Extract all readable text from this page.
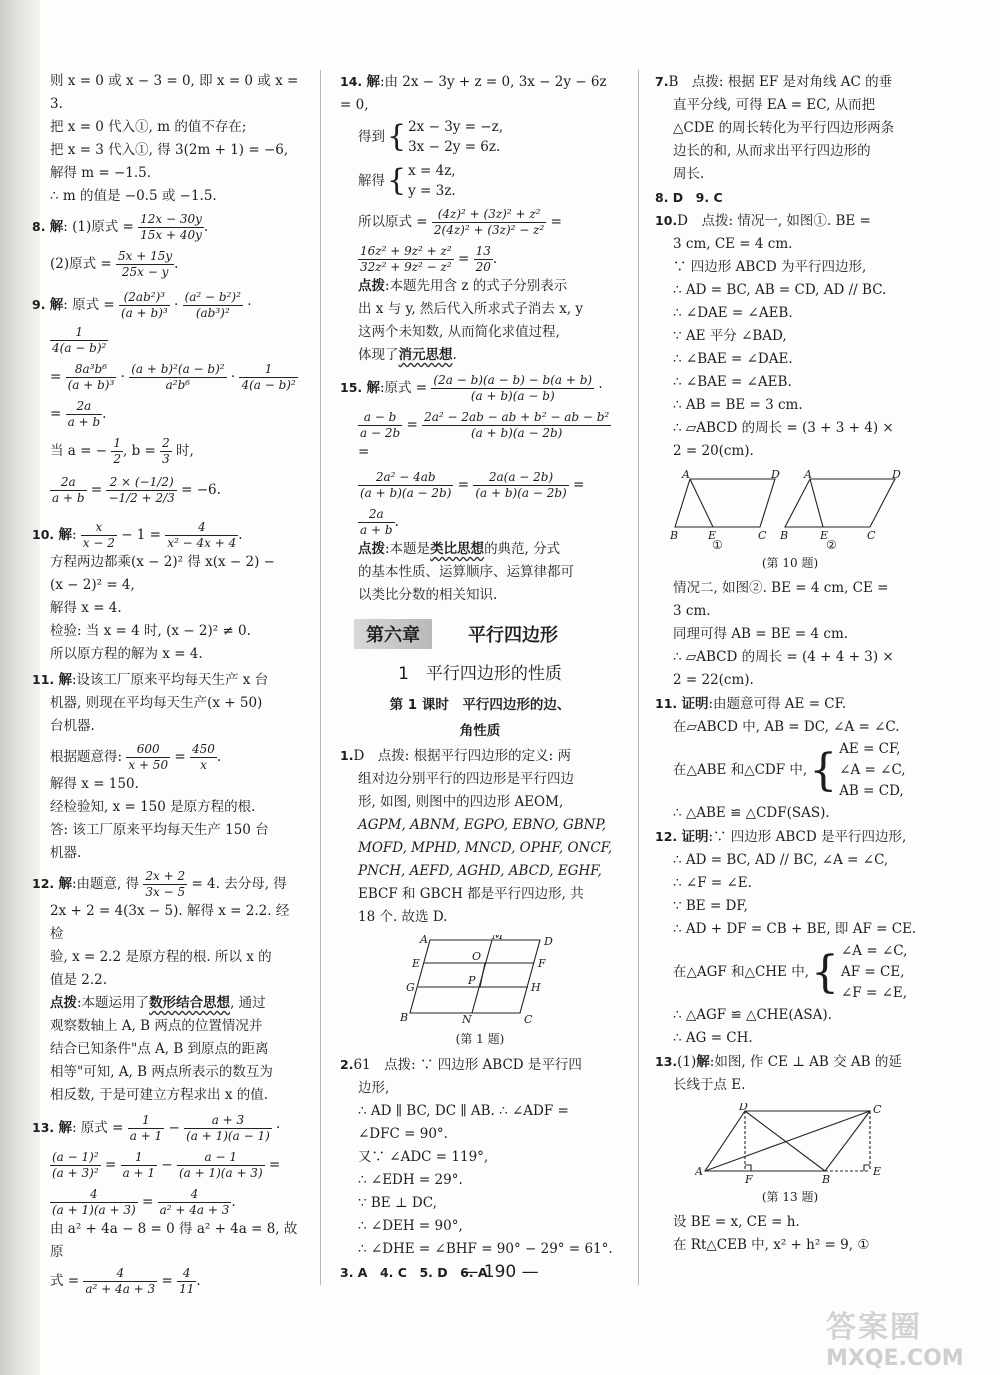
则 x = 0 或 x − 3 = 0, 即 x = 0 或 x = 3.
把 x = 0 代入①, m 的值不存在;
把 x = 3 代入①, 得 3(2m + 1) = −6,
解得 m = −1.5.
∴ m 的值是 −0.5 或 −1.5.
8. 解: (1)原式 = $\frac{12x - 30y}{15x + 40y}$ .
(2)原式 = $\frac{5x + 15y}{25x - y}$ .
9. 解: 原式 = $\frac{\text{(2ab²)³}}{\text{(a + b)³}} \cdot \frac{\text{(a² − b²)²}}{\text{(ab³)²}}$ ·
$\frac{1}{\text{4(a − b)²}}$
= $\frac{\text{8a³b⁶}}{\text{(a + b)³}} \cdot \frac{\text{(a + b)²(a − b)²}}{\text{a²b⁶}} \cdot \frac{1}{\text{4(a − b)²}}$
= $\frac{2a}{a + b}$ .
当 a = − $\frac{1}{2}$ , $b = \frac{2}{3}$ 时,
$\frac{2a}{a + b} = \frac{2 \times (-1/2)}{-1/2 + 2/3} = -6$.
10. 解: $\frac{x}{x - 2} - 1 = \frac{4}{\text{x² − 4x + 4}}$ .
方程两边都乘(x − 2)² 得 x(x − 2) −
(x − 2)² = 4,
解得 x = 4.
检验: 当 x = 4 时, (x − 2)² ≠ 0.
所以原方程的解为 x = 4.
11. 解:设该工厂原来平均每天生产 x 台
机器, 则现在平均每天生产(x + 50)
台机器.
根据题意得: $\frac{600}{x + 50} = \frac{450}{x}$ .
解得 x = 150.
经检验知, x = 150 是原方程的根.
答: 该工厂原来平均每天生产 150 台
机器.
12. 解:由题意, 得 $\frac{2x + 2}{3x - 5} = 4$. 去分母, 得
2x + 2 = 4(3x − 5). 解得 x = 2.2. 经检
验, x = 2.2 是原方程的根. 所以 x 的
值是 2.2.
点拨:本题运用了数形结合思想, 通过
观察数轴上 A, B 两点的位置情况并
结合已知条件"点 A, B 到原点的距离
相等"可知, A, B 两点所表示的数互为
相反数, 于是可建立方程求出 x 的值.
13. 解: 原式 = $\frac{1}{a + 1} - \frac{a + 3}{(a + 1)(a - 1)}$ ·
$\frac{\text{(a − 1)²}}{\text{(a + 3)²}} = \frac{1}{a + 1} - \frac{a - 1}{(a + 1)(a + 3)}$ =
$\frac{4}{(a + 1)(a + 3)} = \frac{4}{\text{a² + 4a + 3}}$ .
由 a² + 4a − 8 = 0 得 a² + 4a = 8, 故原
式 = $\frac{4}{\text{a² + 4a + 3}} = \frac{4}{11}$ .
14. 解:由 2x − 3y + z = 0, 3x − 2y − 6z = 0,
得到 { 2x − 3y = −z,
3x − 2y = 6z.
解得 { x = 4z,
y = 3z.
所以原式 = $\frac{\text{(4z)² + (3z)² + z²}}{\text{2(4z)² + (3z)² − z²}}$ =
$\frac{\text{16z² + 9z² + z²}}{\text{32z² + 9z² − z²}} = \frac{13}{20}$ .
点拨:本题先用含 z 的式子分别表示
出 x 与 y, 然后代入所求式子消去 x, y
这两个未知数, 从而简化求值过程,
体现了消元思想.
15. 解:原式 = $\frac{(2a - b)(a - b) - b(a + b)}{(a + b)(a - b)}$ ·
$\frac{a - b}{a - 2b} = \frac{\text{2a² − 2ab − ab + b² − ab − b²}}{(a + b)(a - 2b)}$
=
$\frac{\text{2a² − 4ab}}{(a + b)(a - 2b)} = \frac{2a(a - 2b)}{(a + b)(a - 2b)}$ =
$\frac{2a}{a + b}$ .
点拨:本题是类比思想的典范, 分式
的基本性质、运算顺序、运算律都可
以类比分数的相关知识.
第六章	平行四边形
1　平行四边形的性质
第 1 课时　平行四边形的边、
角性质
1.D　点拨: 根据平行四边形的定义: 两
组对边分别平行的四边形是平行四边
形, 如图, 则图中的四边形 AEOM,
AGPM, ABNM, EGPO, EBNO, GBNP,
MOFD, MPHD, MNCD, OPHF, ONCF,
PNCH, AEFD, AGHD, ABCD, EGHF,
EBCF 和 GBCH 都是平行四边形, 共
18 个. 故选 D.
A	M	D
O
F
E
P
G	H
B	N	C
(第 1 题)
2.61　点拨: ∵ 四边形 ABCD 是平行四
边形,
∴ AD ∥ BC, DC ∥ AB. ∴ ∠ADF =
∠DFC = 90°.
又∵ ∠ADC = 119°,
∴ ∠EDH = 29°.
∵ BE ⊥ DC,
∴ ∠DEH = 90°,
∴ ∠DHE = ∠BHF = 90° − 29° = 61°.
3. A　4. C　5. D　6. A
7.B　点拨: 根据 EF 是对角线 AC 的垂
直平分线, 可得 EA = EC, 从而把
△CDE 的周长转化为平行四边形两条
边长的和, 从而求出平行四边形的
周长.
8. D　9. C
10.D　点拨: 情况一, 如图①. BE =
3 cm, CE = 4 cm.
∵ 四边形 ABCD 为平行四边形,
∴ AD = BC, AB = CD, AD // BC.
∴ ∠DAE = ∠AEB.
∵ AE 平分 ∠BAD,
∴ ∠BAE = ∠DAE.
∴ ∠BAE = ∠AEB.
∴ AB = BE = 3 cm.
∴ ▱ABCD 的周长 = (3 + 3 + 4) ×
2 = 20(cm).
A	D
B	E	C
A	D
B	E	C
①	②
(第 10 题)
情况二, 如图②. BE = 4 cm, CE =
3 cm.
同理可得 AB = BE = 4 cm.
∴ ▱ABCD 的周长 = (4 + 4 + 3) ×
2 = 22(cm).
11. 证明:由题意可得 AE = CF.
在▱ABCD 中, AB = DC, ∠A = ∠C.
在△ABE 和△CDF 中, { AE = CF,
∠A = ∠C,
AB = CD,
∴ △ABE ≌ △CDF(SAS).
12. 证明:∵ 四边形 ABCD 是平行四边形,
∴ AD = BC, AD // BC, ∠A = ∠C,
∴ ∠F = ∠E.
∵ BE = DF,
∴ AD + DF = CB + BE, 即 AF = CE.
在△AGF 和△CHE 中, { ∠A = ∠C,
AF = CE,
∠F = ∠E,
∴ △AGF ≌ △CHE(ASA).
∴ AG = CH.
13.(1)解:如图, 作 CE ⊥ AB 交 AB 的延
长线于点 E.
D	C
A
F	B
E
(第 13 题)
设 BE = x, CE = h.
在 Rt△CEB 中, x² + h² = 9, ①
— 190 —
答案圈
MXQE.COM
